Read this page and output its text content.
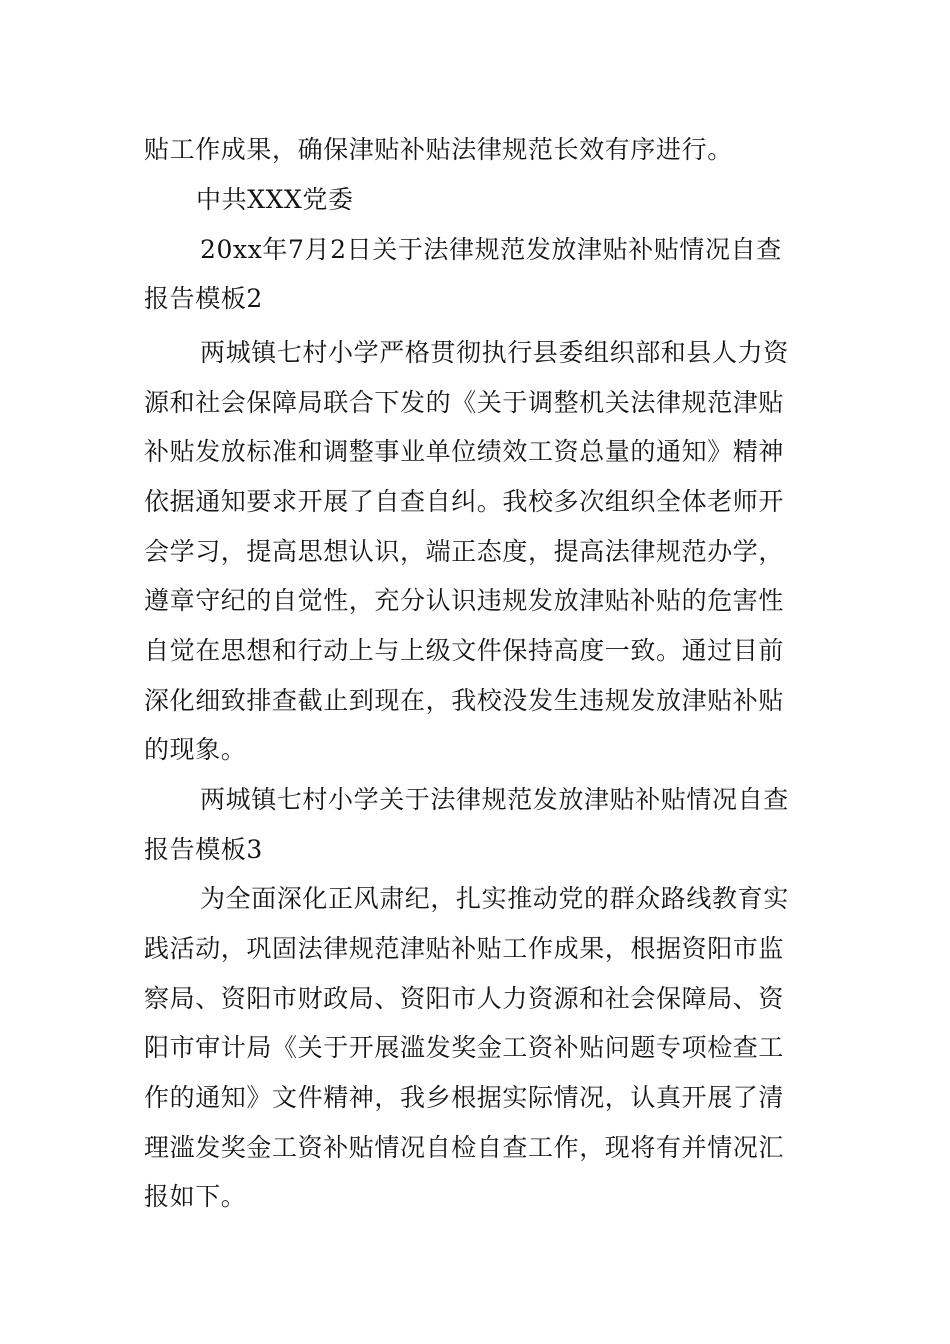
贴工作成果，确保津贴补贴法律规范长效有序进行。
中共XXX党委
20xx年7月2日关于法律规范发放津贴补贴情况自查
报告模板2
两城镇七村小学严格贯彻执行县委组织部和县人力资
源和社会保障局联合下发的《关于调整机关法律规范津贴
补贴发放标准和调整事业单位绩效工资总量的通知》精神
依据通知要求开展了自查自纠。我校多次组织全体老师开
会学习，提高思想认识，端正态度，提高法律规范办学，
遵章守纪的自觉性，充分认识违规发放津贴补贴的危害性
自觉在思想和行动上与上级文件保持高度一致。通过目前
深化细致排查截止到现在，我校没发生违规发放津贴补贴
的现象。
两城镇七村小学关于法律规范发放津贴补贴情况自查
报告模板3
为全面深化正风肃纪，扎实推动党的群众路线教育实
践活动，巩固法律规范津贴补贴工作成果，根据资阳市监
察局、资阳市财政局、资阳市人力资源和社会保障局、资
阳市审计局《关于开展滥发奖金工资补贴问题专项检查工
作的通知》文件精神，我乡根据实际情况，认真开展了清
理滥发奖金工资补贴情况自检自查工作，现将有并情况汇
报如下。
